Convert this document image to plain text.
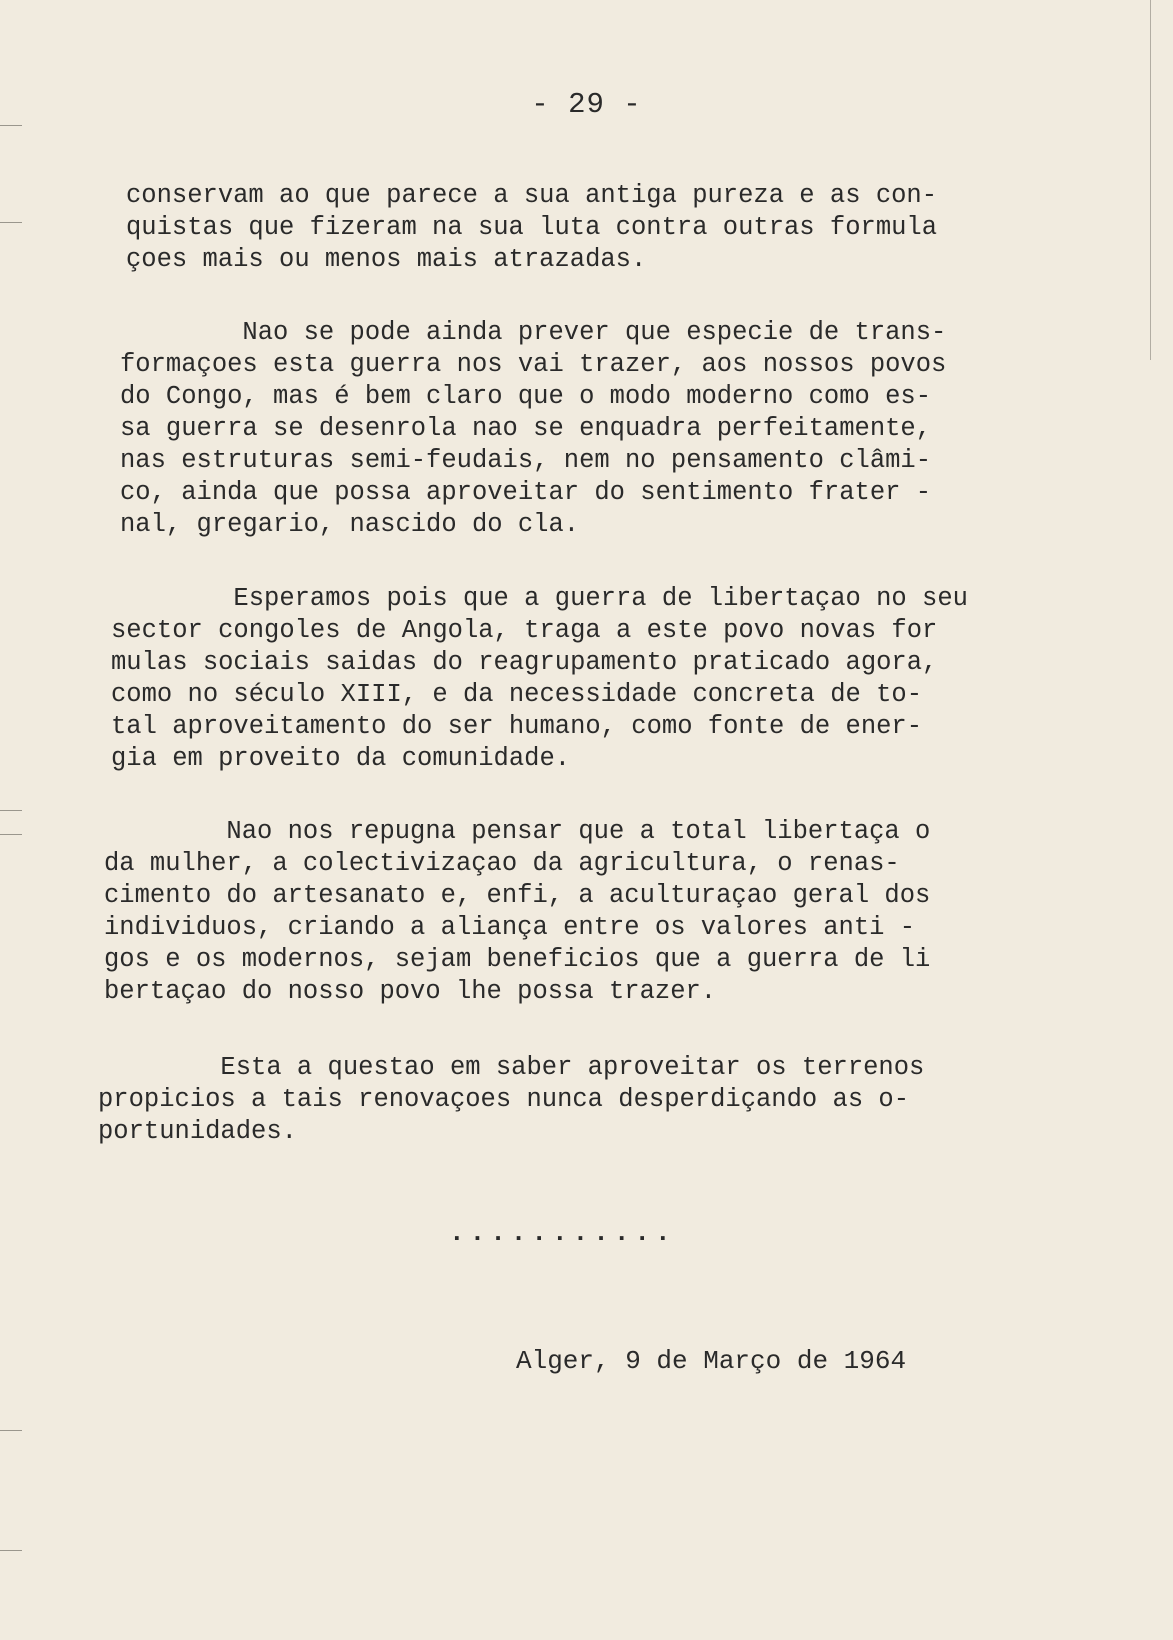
- 29 -

conservam ao que parece a sua antiga pureza e as con-
quistas que fizeram na sua luta contra outras formula
çoes mais ou menos mais atrazadas.

Nao se pode ainda prever que especie de trans-
formaçoes esta guerra nos vai trazer, aos nossos povos
do Congo, mas é bem claro que o modo moderno como es-
sa guerra se desenrola nao se enquadra perfeitamente,
nas estruturas semi-feudais, nem no pensamento clâmi-
co, ainda que possa aproveitar do sentimento frater -
nal, gregario, nascido do cla.

Esperamos pois que a guerra de libertaçao no seu
sector congoles de Angola, traga a este povo novas for
mulas sociais saidas do reagrupamento praticado agora,
como no século XIII, e da necessidade concreta de to-
tal aproveitamento do ser humano, como fonte de ener-
gia em proveito da comunidade.

Nao nos repugna pensar que a total libertaça o
da mulher, a colectivizaçao da agricultura, o renas-
cimento do artesanato e, enfi, a aculturaçao geral dos
individuos, criando a aliança entre os valores anti -
gos e os modernos, sejam beneficios que a guerra de li
bertaçao do nosso povo lhe possa trazer.

Esta a questao em saber aproveitar os terrenos
propicios a tais renovaçoes nunca desperdiçando as o-
portunidades.

...........
Alger, 9 de Março de 1964
